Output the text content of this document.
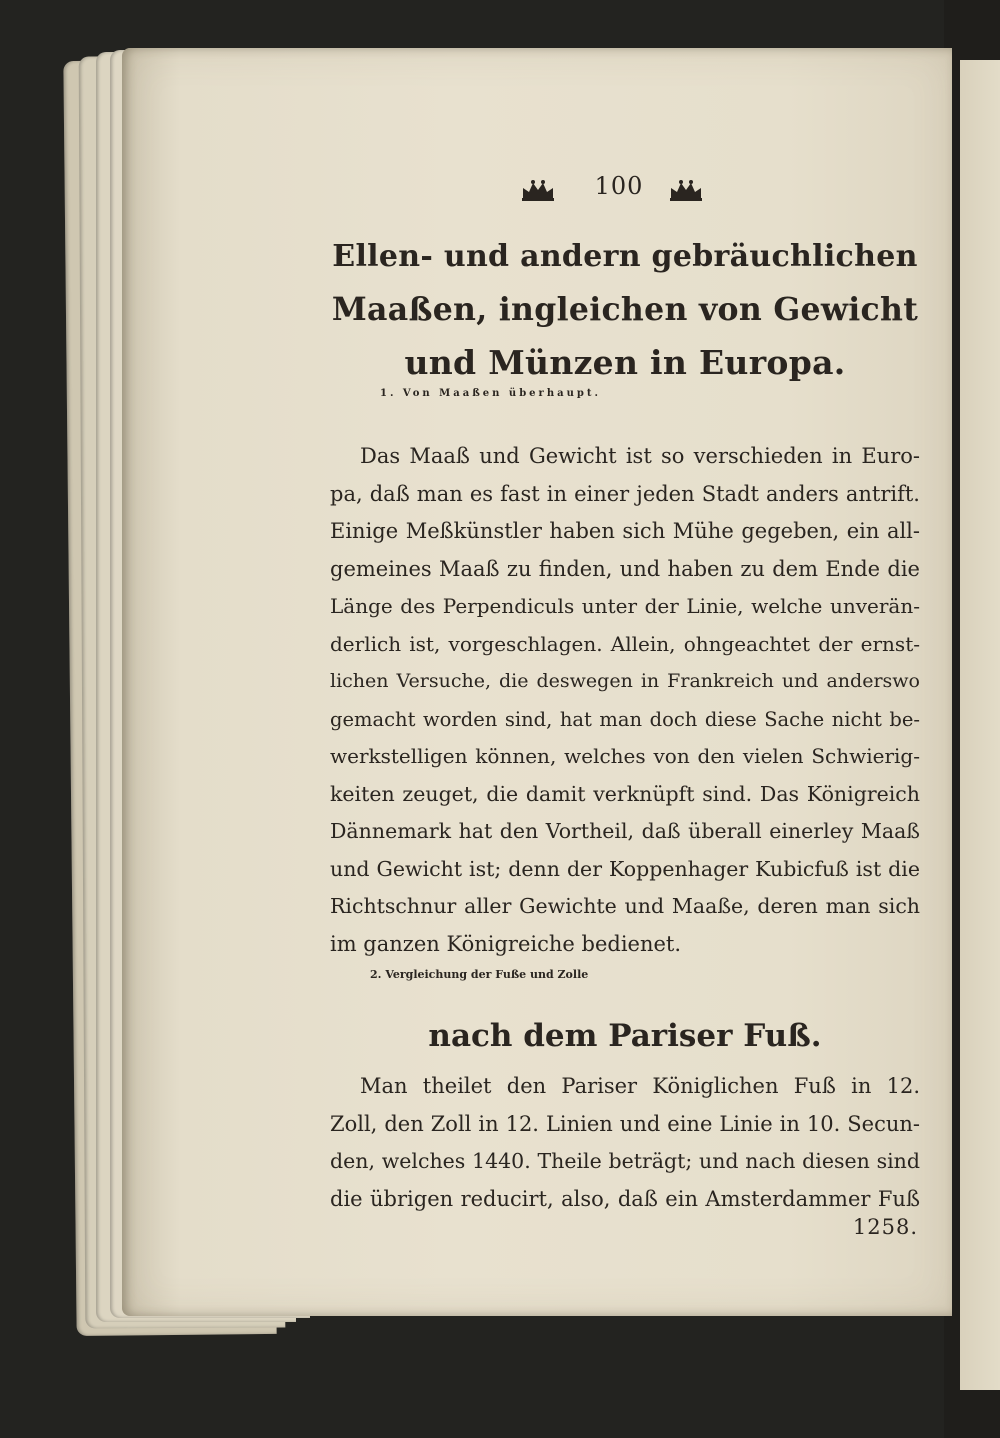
100
Ellen- und andern gebräuchlichen
Maaßen, ingleichen von Gewicht
und Münzen in Europa.
1. Von Maaßen überhaupt.
Das Maaß und Gewicht ist so verschieden in Euro-
pa, daß man es fast in einer jeden Stadt anders antrift.
Einige Meßkünstler haben sich Mühe gegeben, ein all-
gemeines Maaß zu finden, und haben zu dem Ende die
Länge des Perpendiculs unter der Linie, welche unverän-
derlich ist, vorgeschlagen. Allein, ohngeachtet der ernst-
lichen Versuche, die deswegen in Frankreich und anderswo
gemacht worden sind, hat man doch diese Sache nicht be-
werkstelligen können, welches von den vielen Schwierig-
keiten zeuget, die damit verknüpft sind. Das Königreich
Dännemark hat den Vortheil, daß überall einerley Maaß
und Gewicht ist; denn der Koppenhager Kubicfuß ist die
Richtschnur aller Gewichte und Maaße, deren man sich
im ganzen Königreiche bedienet.
2. Vergleichung der Fuße und Zolle
nach dem Pariser Fuß.
Man theilet den Pariser Königlichen Fuß in 12.
Zoll, den Zoll in 12. Linien und eine Linie in 10. Secun-
den, welches 1440. Theile beträgt; und nach diesen sind
die übrigen reducirt, also, daß ein Amsterdammer Fuß
1258.
